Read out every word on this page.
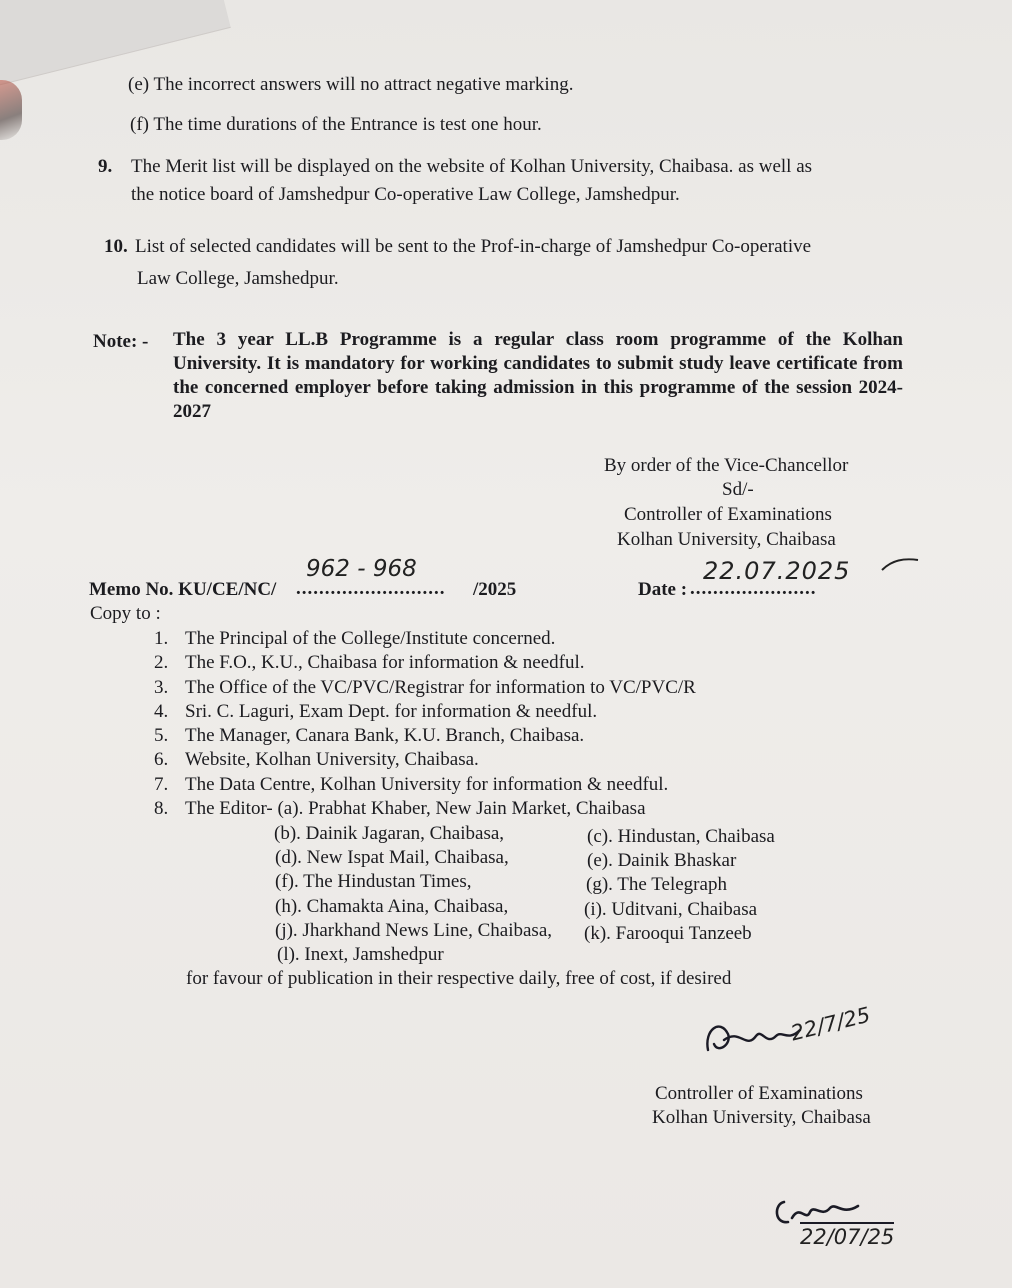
(e) The incorrect answers will no attract negative marking.
(f) The time durations of the Entrance is test one hour.
9. The Merit list will be displayed on the website of Kolhan University, Chaibasa. as well as
the notice board of Jamshedpur Co-operative Law College, Jamshedpur.
10. List of selected candidates will be sent to the Prof-in-charge of Jamshedpur Co-operative
Law College, Jamshedpur.
Note: - The 3 year LL.B Programme is a regular class room programme of the Kolhan University. It is mandatory for working candidates to submit study leave certificate from the concerned employer before taking admission in this programme of the session 2024-2027
By order of the Vice-Chancellor
Sd/-
Controller of Examinations
Kolhan University, Chaibasa
Memo No. KU/CE/NC/ .......................... /2025
962 - 968
Date : ......................
22.07.2025
Copy to :
1. The Principal of the College/Institute concerned.
2. The F.O., K.U., Chaibasa for information & needful.
3. The Office of the VC/PVC/Registrar for information to VC/PVC/R
4. Sri. C. Laguri, Exam Dept. for information & needful.
5. The Manager, Canara Bank, K.U. Branch, Chaibasa.
6. Website, Kolhan University, Chaibasa.
7. The Data Centre, Kolhan University for information & needful.
8. The Editor- (a). Prabhat Khaber, New Jain Market, Chaibasa
(b). Dainik Jagaran, Chaibasa,
(d). New Ispat Mail, Chaibasa,
(f). The Hindustan Times,
(h). Chamakta Aina, Chaibasa,
(j). Jharkhand News Line, Chaibasa,
(l). Inext, Jamshedpur
(c). Hindustan, Chaibasa
(e). Dainik Bhaskar
(g). The Telegraph
(i). Uditvani, Chaibasa
(k). Farooqui Tanzeeb
for favour of publication in their respective daily, free of cost, if desired
22/7/25
Controller of Examinations
Kolhan University, Chaibasa
22/07/25
